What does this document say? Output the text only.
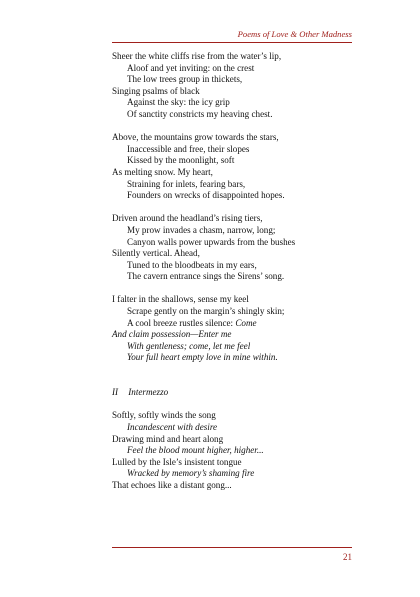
Poems of Love & Other Madness
Sheer the white cliffs rise from the water’s lip,
Aloof and yet inviting: on the crest
The low trees group in thickets,
Singing psalms of black
Against the sky: the icy grip
Of sanctity constricts my heaving chest.
Above, the mountains grow towards the stars,
Inaccessible and free, their slopes
Kissed by the moonlight, soft
As melting snow. My heart,
Straining for inlets, fearing bars,
Founders on wrecks of disappointed hopes.
Driven around the headland’s rising tiers,
My prow invades a chasm, narrow, long;
Canyon walls power upwards from the bushes
Silently vertical. Ahead,
Tuned to the bloodbeats in my ears,
The cavern entrance sings the Sirens’ song.
I falter in the shallows, sense my keel
Scrape gently on the margin’s shingly skin;
A cool breeze rustles silence: Come
And claim possession—Enter me
With gentleness; come, let me feel
Your full heart empty love in mine within.
II Intermezzo
Softly, softly winds the song
Incandescent with desire
Drawing mind and heart along
Feel the blood mount higher, higher...
Lulled by the Isle’s insistent tongue
Wracked by memory’s shaming fire
That echoes like a distant gong...
21
